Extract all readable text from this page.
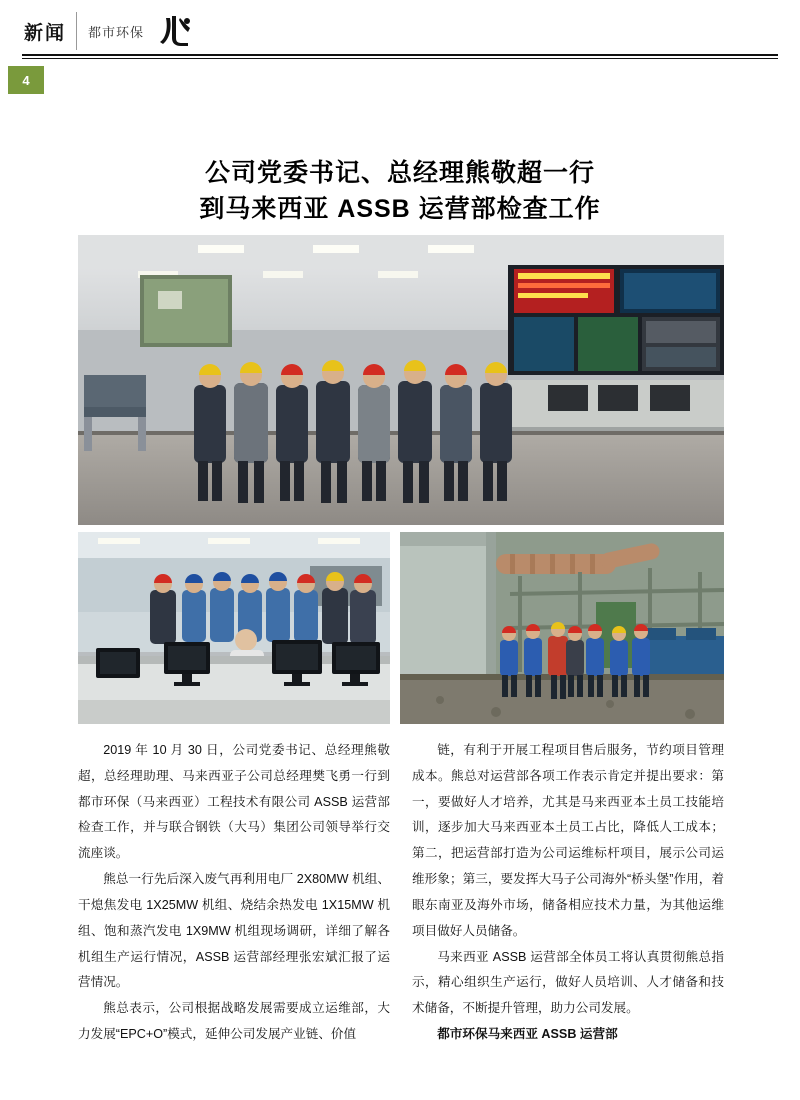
新闻 都市环保
4
公司党委书记、总经理熊敬超一行
到马来西亚 ASSB 运营部检查工作

2019 年 10 月 30 日，公司党委书记、总经理熊敬超，总经理助理、马来西亚子公司总经理樊飞勇一行到都市环保（马来西亚）工程技术有限公司 ASSB 运营部检查工作，并与联合钢铁（大马）集团公司领导举行交流座谈。

熊总一行先后深入废气再利用电厂 2X80MW 机组、干熄焦发电 1X25MW 机组、烧结余热发电 1X15MW 机组、饱和蒸汽发电 1X9MW 机组现场调研，详细了解各机组生产运行情况，ASSB 运营部经理张宏斌汇报了运营情况。

熊总表示，公司根据战略发展需要成立运维部，大力发展“EPC+O”模式，延伸公司发展产业链、价值

链，有利于开展工程项目售后服务，节约项目管理成本。熊总对运营部各项工作表示肯定并提出要求：第一，要做好人才培养，尤其是马来西亚本土员工技能培训，逐步加大马来西亚本土员工占比，降低人工成本；第二，把运营部打造为公司运维标杆项目，展示公司运维形象；第三，要发挥大马子公司海外“桥头堡”作用，着眼东南亚及海外市场，储备相应技术力量，为其他运维项目做好人员储备。

马来西亚 ASSB 运营部全体员工将认真贯彻熊总指示，精心组织生产运行，做好人员培训、人才储备和技术储备，不断提升管理，助力公司发展。

都市环保马来西亚 ASSB 运营部
